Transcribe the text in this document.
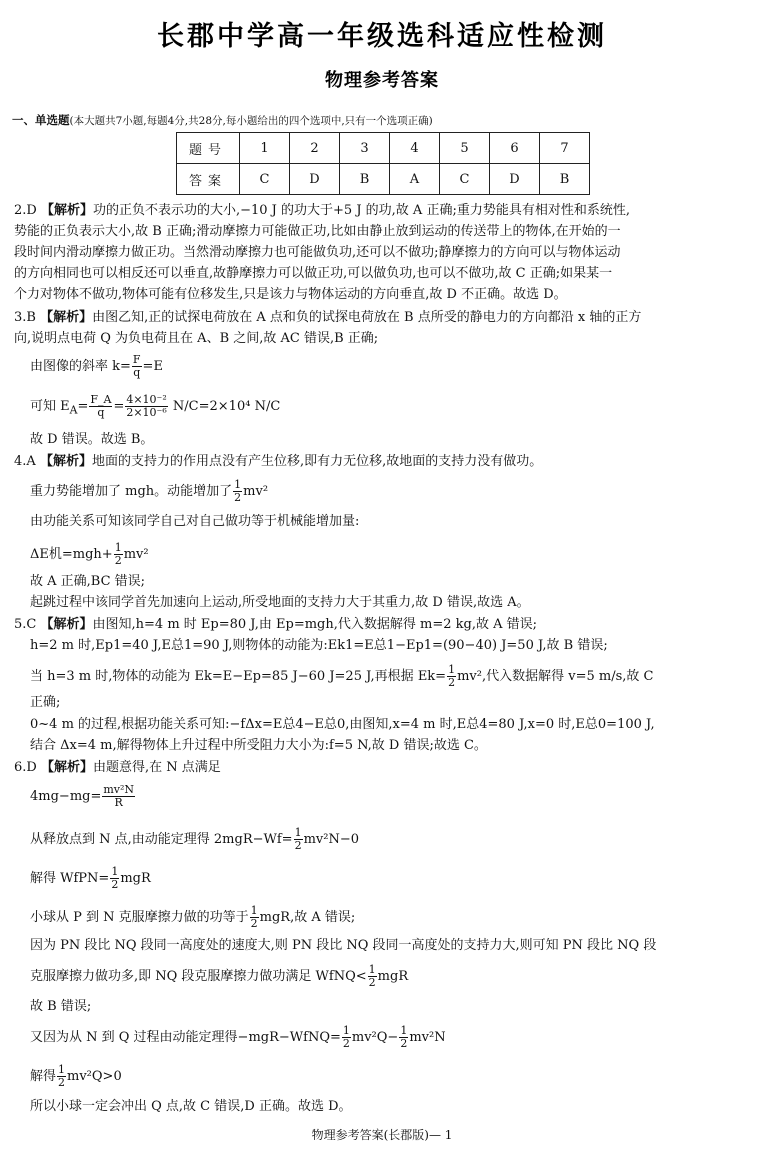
长郡中学高一年级选科适应性检测
物理参考答案
一、单选题(本大题共7小题,每题4分,共28分,每小题给出的四个选项中,只有一个选项正确)
题号	1	2	3	4	5	6	7
答案	C	D	B	A	C	D	B
2.D 【解析】功的正负不表示功的大小,−10 J 的功大于+5 J 的功,故 A 正确;重力势能具有相对性和系统性,
势能的正负表示大小,故 B 正确;滑动摩擦力可能做正功,比如由静止放到运动的传送带上的物体,在开始的一
段时间内滑动摩擦力做正功。当然滑动摩擦力也可能做负功,还可以不做功;静摩擦力的方向可以与物体运动
的方向相同也可以相反还可以垂直,故静摩擦力可以做正功,可以做负功,也可以不做功,故 C 正确;如果某一
个力对物体不做功,物体可能有位移发生,只是该力与物体运动的方向垂直,故 D 不正确。故选 D。
3.B 【解析】由图乙知,正的试探电荷放在 A 点和负的试探电荷放在 B 点所受的静电力的方向都沿 x 轴的正方
向,说明点电荷 Q 为负电荷且在 A、B 之间,故 AC 错误,B 正确;
由图像的斜率 $k= \frac{F}{q} =E$
可知 $E_A= \frac{F\_A}{q} = \frac{\text{4×10⁻²}}{\text{2×10⁻⁶}} N/C=2\times 10^4$ N/C
故 D 错误。故选 B。
4.A 【解析】地面的支持力的作用点没有产生位移,即有力无位移,故地面的支持力没有做功。
重力势能增加了 mgh。动能增加了 $\frac{1}{2} mv^2$
由功能关系可知该同学自己对自己做功等于机械能增加量:
ΔE机$=mgh+ \frac{1}{2} mv^2$
故 A 正确,BC 错误;
起跳过程中该同学首先加速向上运动,所受地面的支持力大于其重力,故 D 错误,故选 A。
5.C 【解析】由图知,h=4 m 时 Ep=80 J,由 Ep=mgh,代入数据解得 m=2 kg,故 A 错误;
h=2 m 时,Ep1=40 J,E总1=90 J,则物体的动能为:Ek1=E总1−Ep1=(90−40) J=50 J,故 B 错误;
当 h=3 m 时,物体的动能为 Ek=E−Ep=85 J−60 J=25 J,再根据 $Ek= \frac{1}{2} mv^2$,代入数据解得 v=5 m/s,故 C
正确;
0~4 m 的过程,根据功能关系可知:−fΔx=E总4−E总0,由图知,x=4 m 时,E总4=80 J,x=0 时,E总0=100 J,
结合 Δx=4 m,解得物体上升过程中所受阻力大小为:f=5 N,故 D 错误;故选 C。
6.D 【解析】由题意得,在 N 点满足
$4mg-mg= \frac{\text{mv²N}}{R}$
从释放点到 N 点,由动能定理得 $2mgR-Wf= \frac{1}{2} mv^2N-0$
解得 WfPN= $\frac{1}{2}$ mgR
小球从 P 到 N 克服摩擦力做的功等于 $\frac{1}{2}$ mgR,故 A 错误;
因为 PN 段比 NQ 段同一高度处的速度大,则 PN 段比 NQ 段同一高度处的支持力大,则可知 PN 段比 NQ 段
克服摩擦力做功多,即 NQ 段克服摩擦力做功满足 WfNQ< $\frac{1}{2}$ mgR
故 B 错误;
又因为从 N 到 Q 过程由动能定理得−mgR−WfNQ= $\frac{1}{2} mv^2Q- \frac{1}{2} mv^2N$
解得 $\frac{1}{2} mv^2Q>0$
所以小球一定会冲出 Q 点,故 C 错误,D 正确。故选 D。
物理参考答案(长郡版)— 1
